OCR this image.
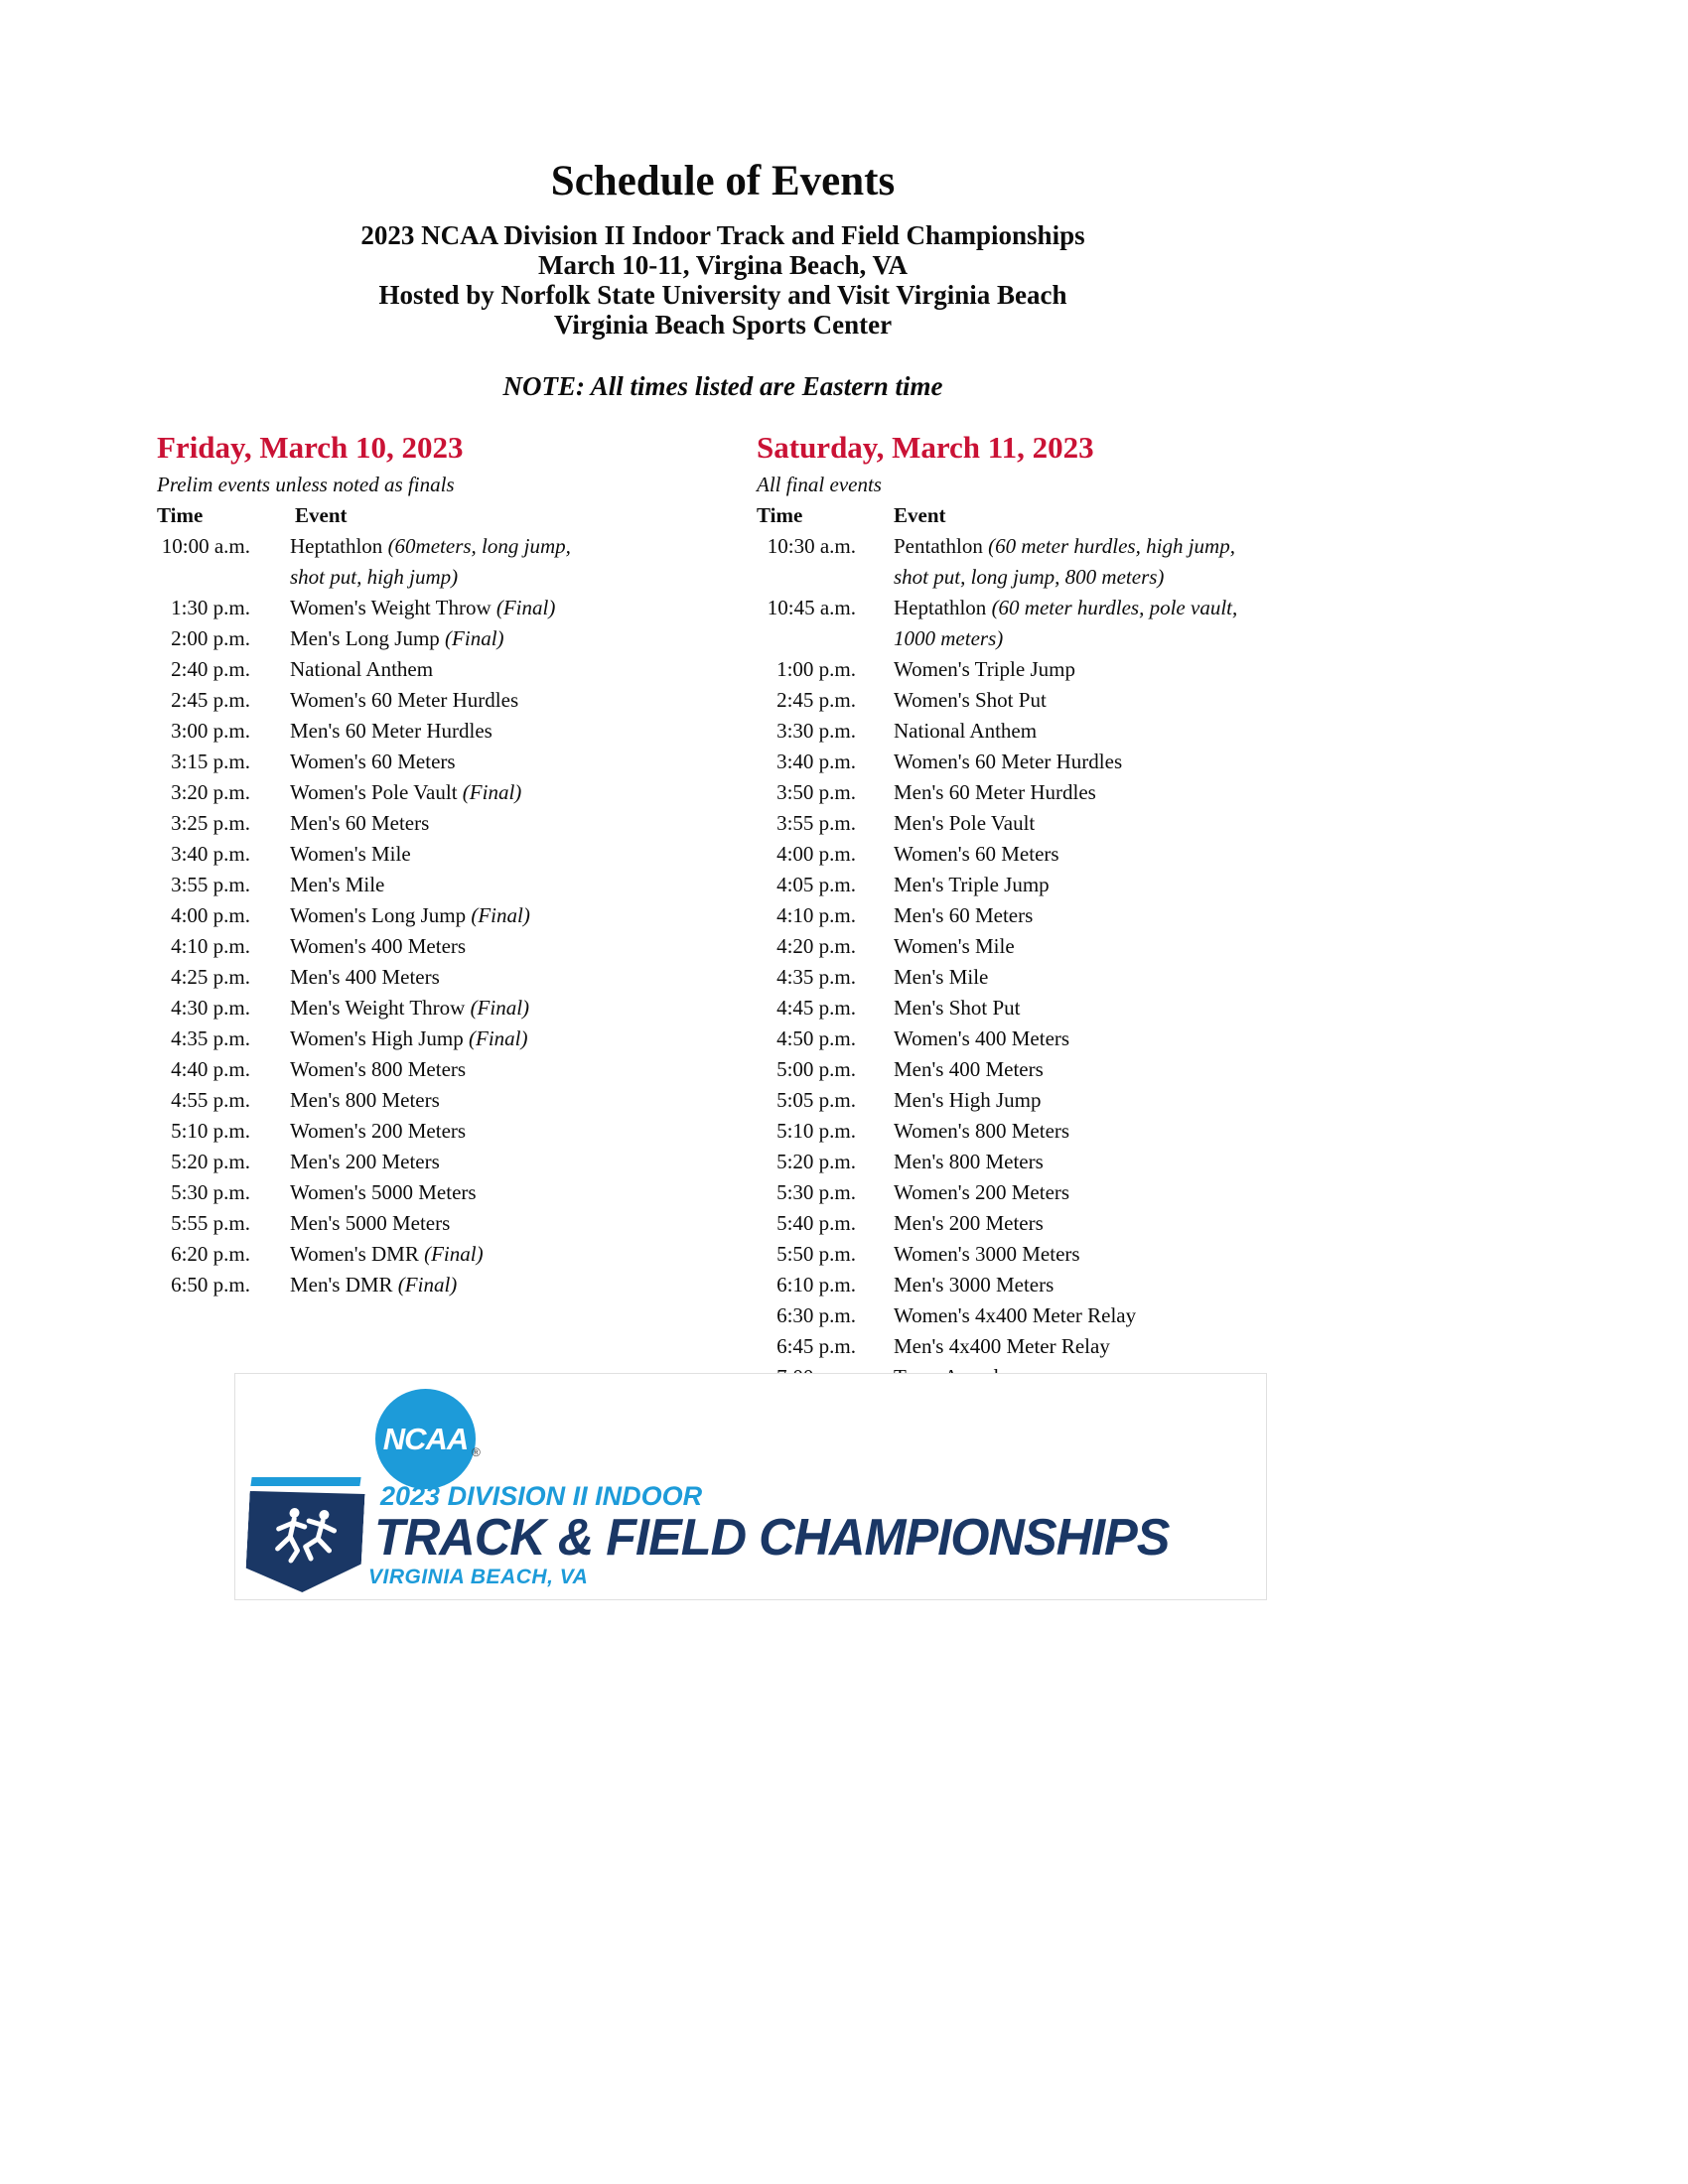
Schedule of Events
2023 NCAA Division II Indoor Track and Field Championships
March 10-11, Virgina Beach, VA
Hosted by Norfolk State University and Visit Virginia Beach
Virginia Beach Sports Center
NOTE: All times listed are Eastern time
Friday, March 10, 2023
Prelim events unless noted as finals
Time	Event
10:00 a.m. Heptathlon (60meters, long jump,
shot put, high jump)
1:30 p.m. Women's Weight Throw (Final)
2:00 p.m. Men's Long Jump (Final)
2:40 p.m. National Anthem
2:45 p.m. Women's 60 Meter Hurdles
3:00 p.m. Men's 60 Meter Hurdles
3:15 p.m. Women's 60 Meters
3:20 p.m. Women's Pole Vault (Final)
3:25 p.m. Men's 60 Meters
3:40 p.m. Women's Mile
3:55 p.m. Men's Mile
4:00 p.m. Women's Long Jump (Final)
4:10 p.m. Women's 400 Meters
4:25 p.m. Men's 400 Meters
4:30 p.m. Men's Weight Throw (Final)
4:35 p.m. Women's High Jump (Final)
4:40 p.m. Women's 800 Meters
4:55 p.m. Men's 800 Meters
5:10 p.m. Women's 200 Meters
5:20 p.m. Men's 200 Meters
5:30 p.m. Women's 5000 Meters
5:55 p.m. Men's 5000 Meters
6:20 p.m. Women's DMR (Final)
6:50 p.m. Men's DMR (Final)
Saturday, March 11, 2023
All final events
Time	Event
10:30 a.m. Pentathlon (60 meter hurdles, high jump,
shot put, long jump, 800 meters)
10:45 a.m. Heptathlon (60 meter hurdles, pole vault,
1000 meters)
1:00 p.m. Women's Triple Jump
2:45 p.m. Women's Shot Put
3:30 p.m. National Anthem
3:40 p.m. Women's 60 Meter Hurdles
3:50 p.m. Men's 60 Meter Hurdles
3:55 p.m. Men's Pole Vault
4:00 p.m. Women's 60 Meters
4:05 p.m. Men's Triple Jump
4:10 p.m. Men's 60 Meters
4:20 p.m. Women's Mile
4:35 p.m. Men's Mile
4:45 p.m. Men's Shot Put
4:50 p.m. Women's 400 Meters
5:00 p.m. Men's 400 Meters
5:05 p.m. Men's High Jump
5:10 p.m. Women's 800 Meters
5:20 p.m. Men's 800 Meters
5:30 p.m. Women's 200 Meters
5:40 p.m. Men's 200 Meters
5:50 p.m. Women's 3000 Meters
6:10 p.m. Men's 3000 Meters
6:30 p.m. Women's 4x400 Meter Relay
6:45 p.m. Men's 4x400 Meter Relay
NCAA ®
2023 DIVISION II INDOOR
TRACK & FIELD CHAMPIONSHIPS
VIRGINIA BEACH, VA
